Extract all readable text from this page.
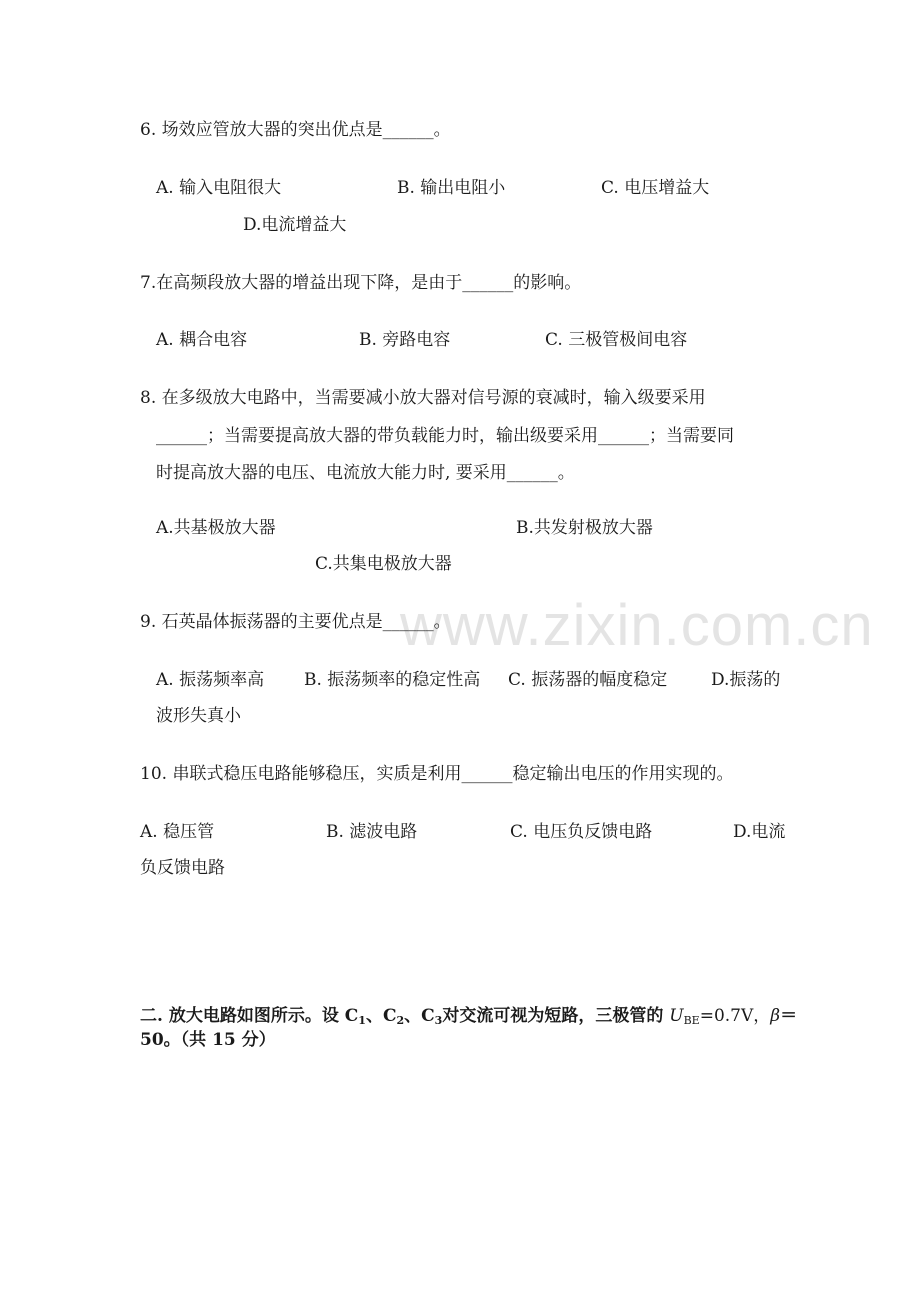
www.zixin.com.cn
6. 场效应管放大器的突出优点是______。
A. 输入电阻很大	B. 输出电阻小	C. 电压增益大
D.电流增益大
7.在高频段放大器的增益出现下降，是由于______的影响。
A. 耦合电容	B. 旁路电容	C. 三极管极间电容
8. 在多级放大电路中，当需要减小放大器对信号源的衰减时，输入级要采用
______；当需要提高放大器的带负载能力时，输出级要采用______；当需要同
时提高放大器的电压、电流放大能力时, 要采用______。
A.共基极放大器	B.共发射极放大器
C.共集电极放大器
9. 石英晶体振荡器的主要优点是______。
A. 振荡频率高 B. 振荡频率的稳定性高 C. 振荡器的幅度稳定	D.振荡的
波形失真小
10. 串联式稳压电路能够稳压，实质是利用______稳定输出电压的作用实现的。
A. 稳压管	B. 滤波电路	C. 电压负反馈电路	D.电流
负反馈电路
二. 放大电路如图所示。设 $C_1$、$C_2$、$C_3$对交流可视为短路，三极管的 $U_{BE}=0.7V$，β＝
50。（共 15 分）
